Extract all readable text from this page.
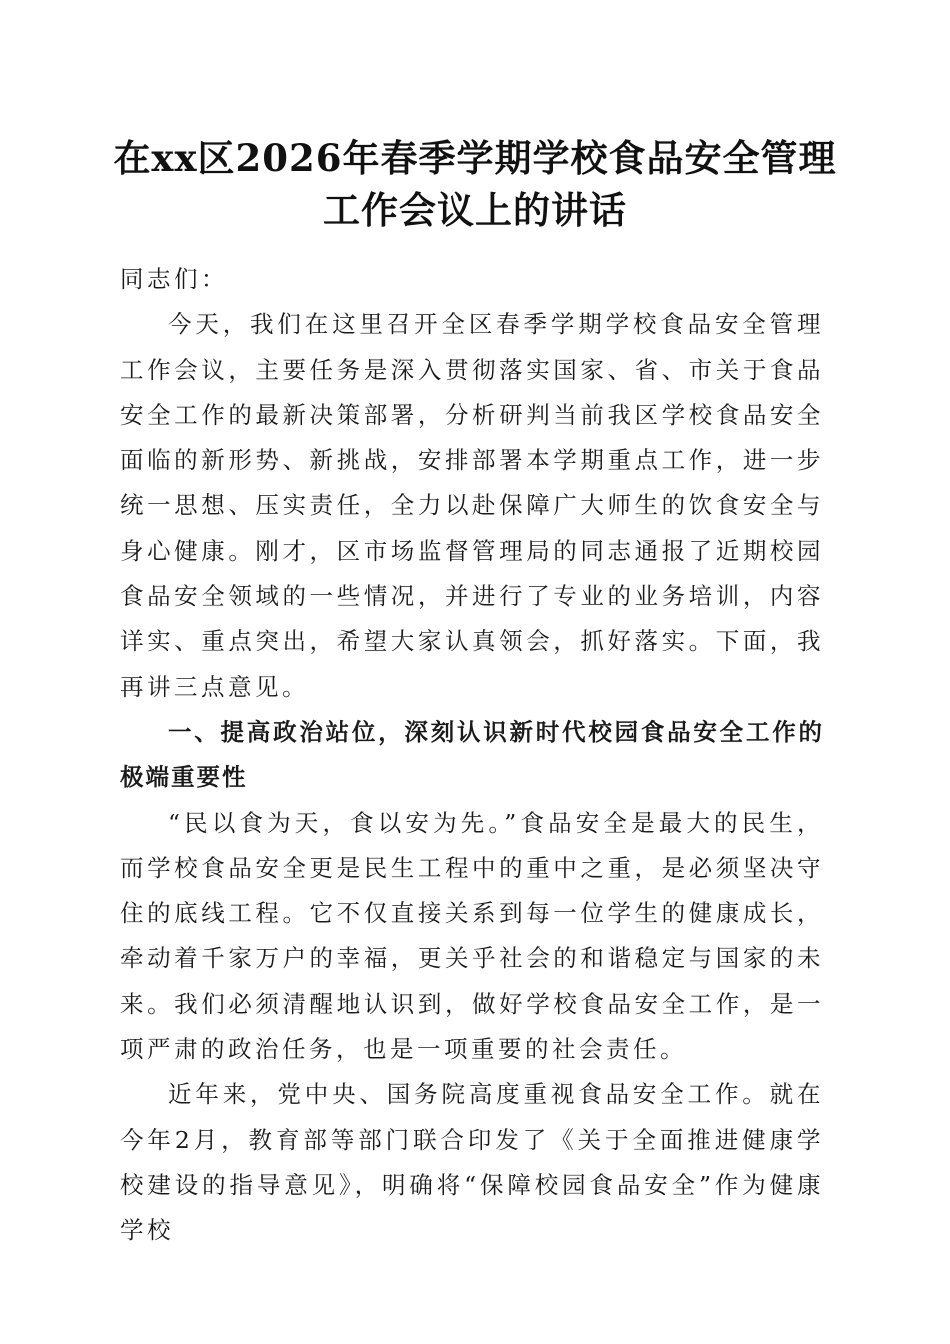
在xx区2026年春季学期学校食品安全管理工作会议上的讲话

同志们：

今天，我们在这里召开全区春季学期学校食品安全管理工作会议，主要任务是深入贯彻落实国家、省、市关于食品安全工作的最新决策部署，分析研判当前我区学校食品安全面临的新形势、新挑战，安排部署本学期重点工作，进一步统一思想、压实责任，全力以赴保障广大师生的饮食安全与身心健康。刚才，区市场监督管理局的同志通报了近期校园食品安全领域的一些情况，并进行了专业的业务培训，内容详实、重点突出，希望大家认真领会，抓好落实。下面，我再讲三点意见。

一、提高政治站位，深刻认识新时代校园食品安全工作的极端重要性

“民以食为天，食以安为先。”食品安全是最大的民生，而学校食品安全更是民生工程中的重中之重，是必须坚决守住的底线工程。它不仅直接关系到每一位学生的健康成长，牵动着千家万户的幸福，更关乎社会的和谐稳定与国家的未来。我们必须清醒地认识到，做好学校食品安全工作，是一项严肃的政治任务，也是一项重要的社会责任。

近年来，党中央、国务院高度重视食品安全工作。就在今年2月，教育部等部门联合印发了《关于全面推进健康学校建设的指导意见》，明确将“保障校园食品安全”作为健康学校
